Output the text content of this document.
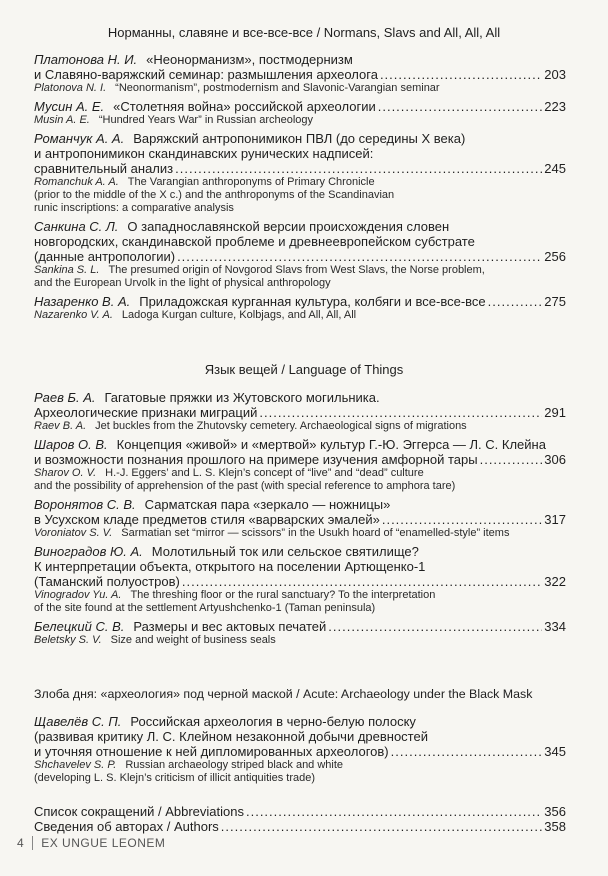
Норманны, славяне и все-все-все / Normans, Slavs and All, All, All
Платонова Н. И. «Неонорманизм», постмодернизм
и Славяно-варяжский семинар: размышления археолога .....	203
Platonova N. I. “Neonormanism”, postmodernism and Slavonic-Varangian seminar
Мусин А. Е. «Столетняя война» российской археологии .....	223
Musin A. E. “Hundred Years War” in Russian archeology
Романчук А. А. Варяжский антропонимикон ПВЛ (до середины X века)
и антропонимикон скандинавских рунических надписей:
сравнительный анализ .....	245
Romanchuk A. A. The Varangian anthroponyms of Primary Chronicle
(prior to the middle of the X c.) and the anthroponyms of the Scandinavian
runic inscriptions: a comparative analysis
Санкина С. Л. О западнославянской версии происхождения словен
новгородских, скандинавской проблеме и древнеевропейском субстрате
(данные антропологии) .....	256
Sankina S. L. The presumed origin of Novgorod Slavs from West Slavs, the Norse problem,
and the European Urvolk in the light of physical anthropology
Назаренко В. А. Приладожская курганная культура, колбяги и все-все-все .....	275
Nazarenko V. A. Ladoga Kurgan culture, Kolbjags, and All, All, All
Язык вещей / Language of Things
Раев Б. А. Гагатовые пряжки из Жутовского могильника.
Археологические признаки миграций .....	291
Raev B. A. Jet buckles from the Zhutovsky cemetery. Archaeological signs of migrations
Шаров О. В. Концепция «живой» и «мертвой» культур Г.-Ю. Эггерса — Л. С. Клейна
и возможности познания прошлого на примере изучения амфорной тары .....	306
Sharov O. V. H.-J. Eggers’ and L. S. Klejn’s concept of “live” and “dead” culture
and the possibility of apprehension of the past (with special reference to amphora tare)
Воронятов С. В. Сарматская пара «зеркало — ножницы»
в Усухском кладе предметов стиля «варварских эмалей» .....	317
Voroniatov S. V. Sarmatian set “mirror — scissors” in the Usukh hoard of “enamelled-style” items
Виноградов Ю. А. Молотильный ток или сельское святилище?
К интерпретации объекта, открытого на поселении Артющенко-1
(Таманский полуостров) .....	322
Vinogradov Yu. A. The threshing floor or the rural sanctuary? To the interpretation
of the site found at the settlement Artyushchenko-1 (Taman peninsula)
Белецкий С. В. Размеры и вес актовых печатей .....	334
Beletsky S. V. Size and weight of business seals
Злоба дня: «археология» под черной маской / Acute: Archaeology under the Black Mask
Щавелёв С. П. Российская археология в черно-белую полоску
(развивая критику Л. С. Клейном незаконной добычи древностей
и уточняя отношение к ней дипломированных археологов) .....	345
Shchavelev S. P. Russian archaeology striped black and white
(developing L. S. Klejn’s criticism of illicit antiquities trade)
Список сокращений / Abbreviations .....	356
Сведения об авторах / Authors .....	358
4 EX UNGUE LEONEM
